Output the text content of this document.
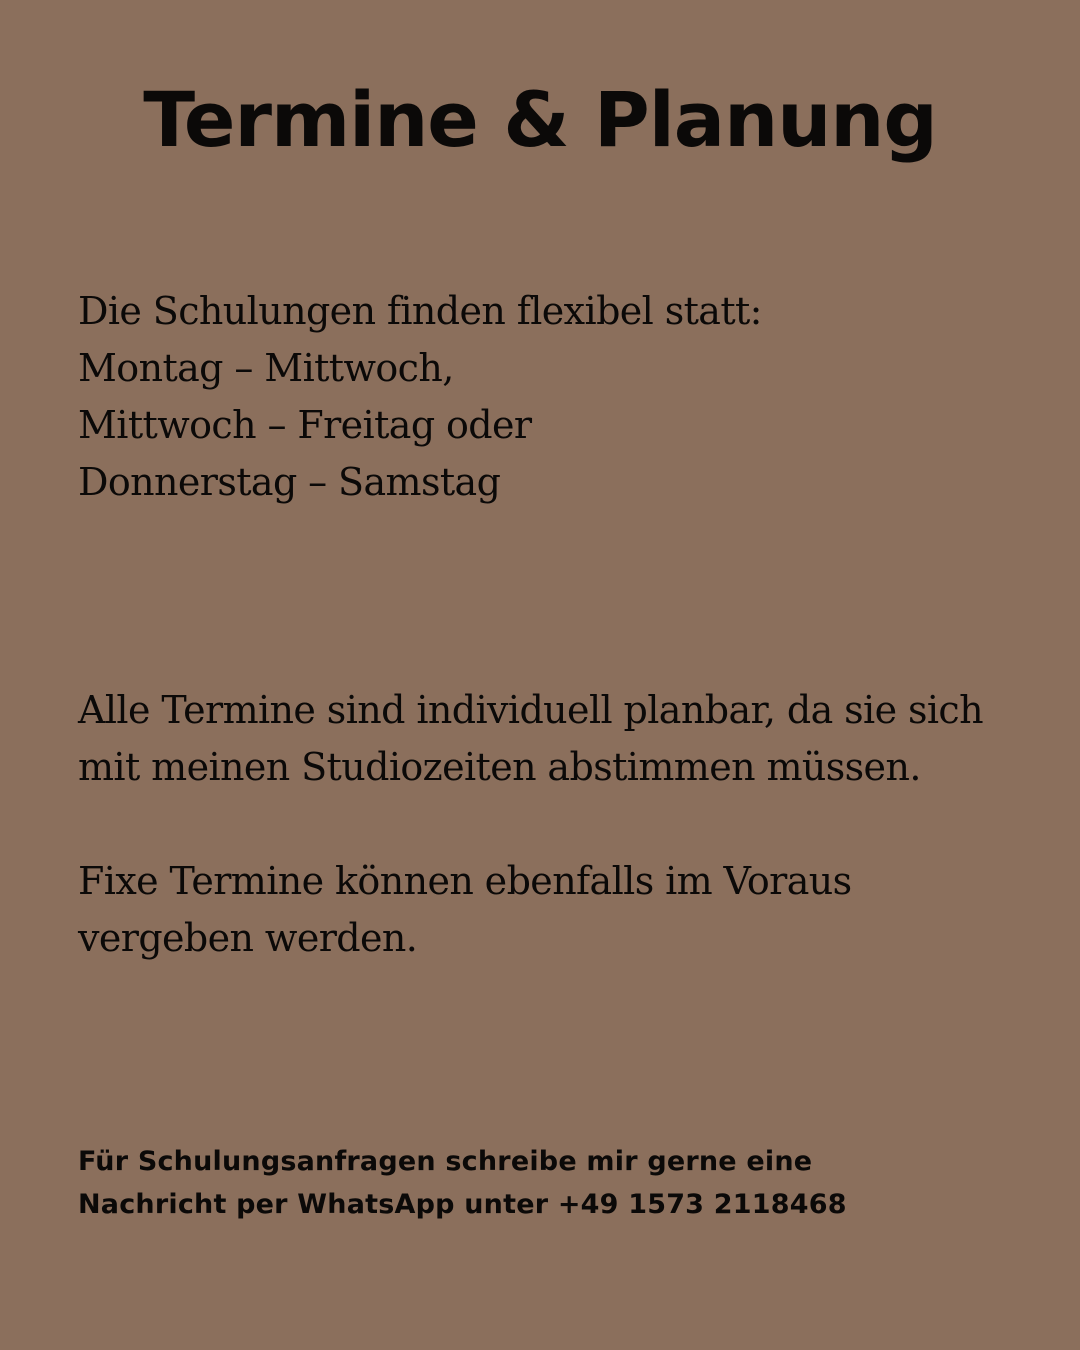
Termine & Planung

Die Schulungen finden flexibel statt:
Montag – Mittwoch,
Mittwoch – Freitag oder
Donnerstag – Samstag

Alle Termine sind individuell planbar, da sie sich
mit meinen Studiozeiten abstimmen müssen.

Fixe Termine können ebenfalls im Voraus
vergeben werden.

Für Schulungsanfragen schreibe mir gerne eine
Nachricht per WhatsApp unter +49 1573 2118468
